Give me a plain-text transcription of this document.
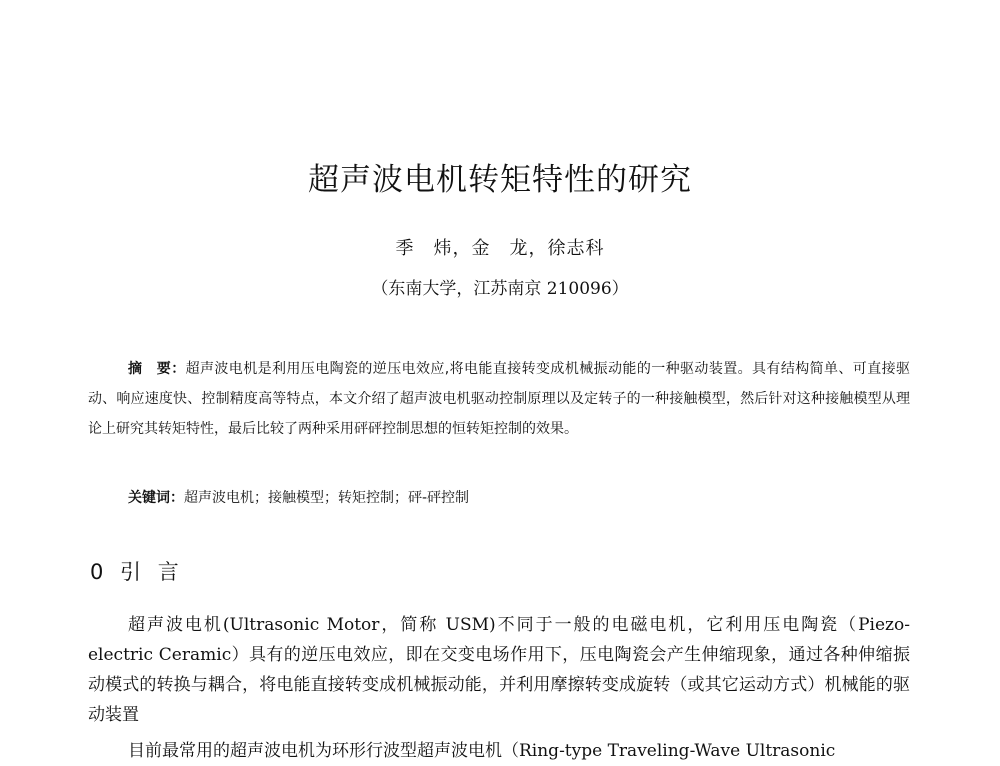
超声波电机转矩特性的研究
季　炜，金　龙，徐志科
（东南大学，江苏南京 210096）

摘　要：超声波电机是利用压电陶瓷的逆压电效应,将电能直接转变成机械振动能的一种驱动装置。具有结构简单、可直接驱动、响应速度快、控制精度高等特点，本文介绍了超声波电机驱动控制原理以及定转子的一种接触模型，然后针对这种接触模型从理论上研究其转矩特性，最后比较了两种采用砰砰控制思想的恒转矩控制的效果。

关键词：超声波电机；接触模型；转矩控制；砰-砰控制
0 引 言

超声波电机(Ultrasonic Motor，简称 USM)不同于一般的电磁电机，它利用压电陶瓷（Piezo-electric Ceramic）具有的逆压电效应，即在交变电场作用下，压电陶瓷会产生伸缩现象，通过各种伸缩振动模式的转换与耦合，将电能直接转变成机械振动能，并利用摩擦转变成旋转（或其它运动方式）机械能的驱动装置

目前最常用的超声波电机为环形行波型超声波电机（Ring-type Traveling-Wave Ultrasonic
